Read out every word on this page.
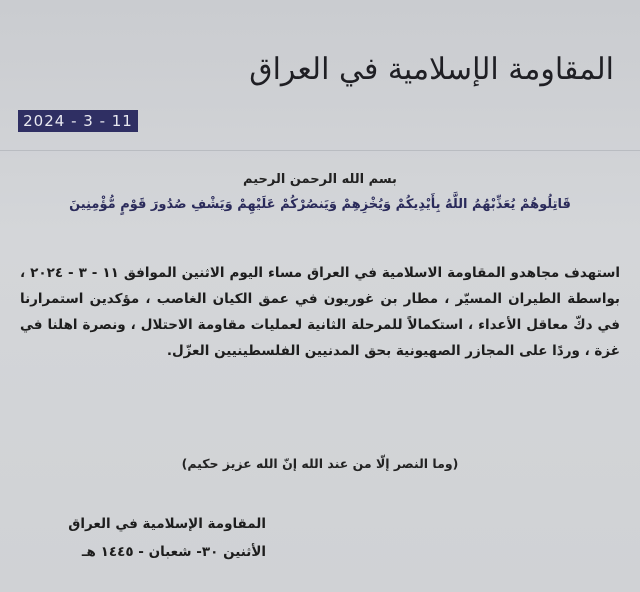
المقاومة الإسلامية في العراق
2024 - 3 - 11
بسم الله الرحمن الرحيم
قَاتِلُوهُمْ يُعَذِّبْهُمُ اللَّهُ بِأَيْدِيكُمْ وَيُخْزِهِمْ وَيَنصُرْكُمْ عَلَيْهِمْ وَيَشْفِ صُدُورَ قَوْمٍ مُّؤْمِنِينَ
استهدف مجاهدو المقاومة الاسلامية في العراق مساء اليوم الاثنين الموافق ١١ - ٣ - ٢٠٢٤ ، بواسطة الطيران المسيّر ، مطار بن غوريون في عمق الكيان الغاصب ، مؤكدين استمرارنا في دكّ معاقل الأعداء ، استكمالاً للمرحلة الثانية لعمليات مقاومة الاحتلال ، ونصرة اهلنا في غزة ، وردًا على المجازر الصهيونية بحق المدنيين الفلسطينيين العزّل.
(وما النصر إلّا من عند الله إنّ الله عزيز حكيم)
المقاومة الإسلامية في العراق
الأثنين ٣٠- شعبان - ١٤٤٥ هـ
